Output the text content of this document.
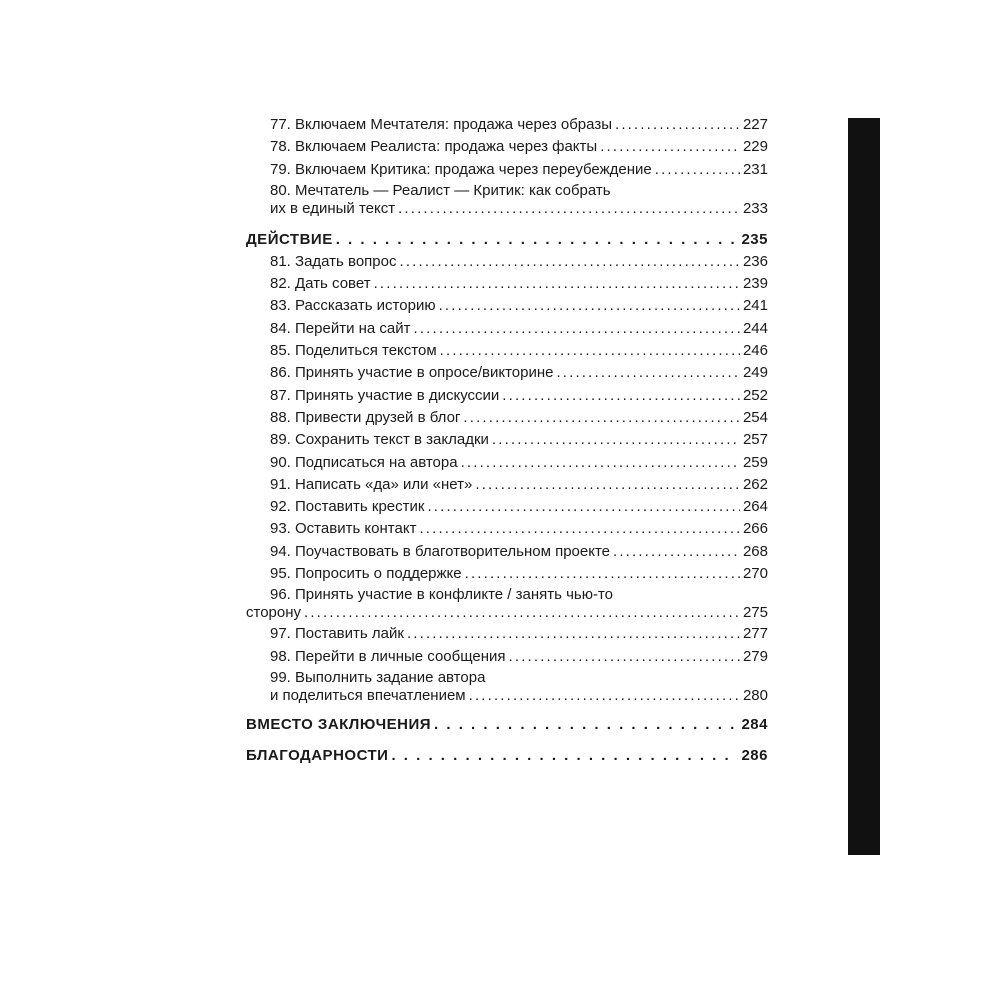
77. Включаем Мечтателя: продажа через образы . . .	227
78. Включаем Реалиста: продажа через факты . . .	229
79. Включаем Критика: продажа через переубеждение . . .	231
80. Мечтатель — Реалист — Критик: как собрать
их в единый текст . . .	233
ДЕЙСТВИЕ . . .	235
81. Задать вопрос . . .	236
82. Дать совет . . .	239
83. Рассказать историю . . .	241
84. Перейти на сайт . . .	244
85. Поделиться текстом . . .	246
86. Принять участие в опросе/викторине . . .	249
87. Принять участие в дискуссии . . .	252
88. Привести друзей в блог . . .	254
89. Сохранить текст в закладки . . .	257
90. Подписаться на автора . . .	259
91. Написать «да» или «нет» . . .	262
92. Поставить крестик . . .	264
93. Оставить контакт . . .	266
94. Поучаствовать в благотворительном проекте . . .	268
95. Попросить о поддержке . . .	270
96. Принять участие в конфликте / занять чью-то
сторону . . .	275
97. Поставить лайк . . .	277
98. Перейти в личные сообщения . . .	279
99. Выполнить задание автора
и поделиться впечатлением . . .	280
ВМЕСТО ЗАКЛЮЧЕНИЯ . . .	284
БЛАГОДАРНОСТИ . . .	286
